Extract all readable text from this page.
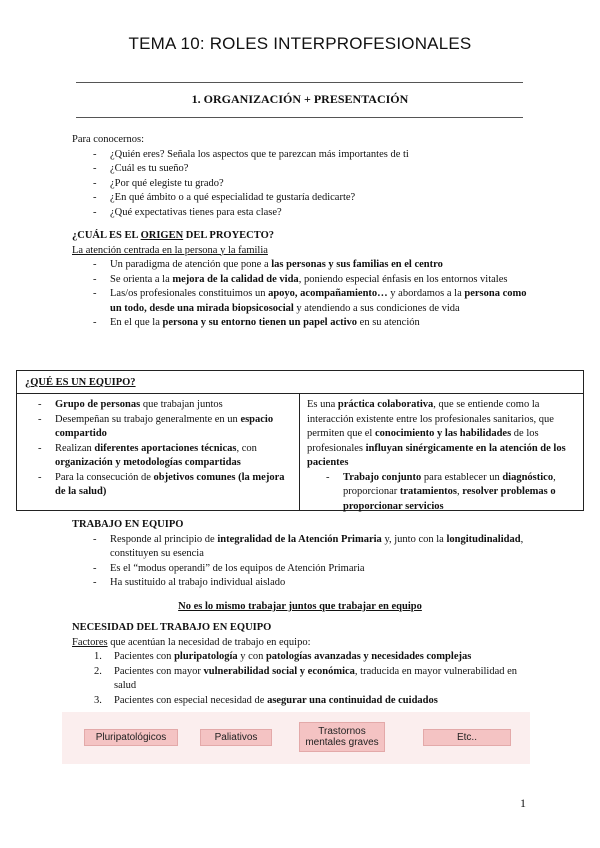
TEMA 10: ROLES INTERPROFESIONALES
1. ORGANIZACIÓN + PRESENTACIÓN
Para conocernos:
- ¿Quién eres? Señala los aspectos que te parezcan más importantes de ti
- ¿Cuál es tu sueño?
- ¿Por qué elegiste tu grado?
- ¿En qué ámbito o a qué especialidad te gustaría dedicarte?
- ¿Qué expectativas tienes para esta clase?
¿CUÁL ES EL ORIGEN DEL PROYECTO?
La atención centrada en la persona y la familia
- Un paradigma de atención que pone a las personas y sus familias en el centro
- Se orienta a la mejora de la calidad de vida, poniendo especial énfasis en los entornos vitales
- Las/os profesionales constituimos un apoyo, acompañamiento… y abordamos a la persona como un todo, desde una mirada biopsicosocial y atendiendo a sus condiciones de vida
- En el que la persona y su entorno tienen un papel activo en su atención
¿QUÉ ES UN EQUIPO?
- Grupo de personas que trabajan juntos
- Desempeñan su trabajo generalmente en un espacio compartido
- Realizan diferentes aportaciones técnicas, con organización y metodologías compartidas
- Para la consecución de objetivos comunes (la mejora de la salud)
Es una práctica colaborativa, que se entiende como la interacción existente entre los profesionales sanitarios, que permiten que el conocimiento y las habilidades de los profesionales influyan sinérgicamente en la atención de los pacientes
- Trabajo conjunto para establecer un diagnóstico, proporcionar tratamientos, resolver problemas o proporcionar servicios
TRABAJO EN EQUIPO
- Responde al principio de integralidad de la Atención Primaria y, junto con la longitudinalidad, constituyen su esencia
- Es el “modus operandi” de los equipos de Atención Primaria
- Ha sustituido al trabajo individual aislado
No es lo mismo trabajar juntos que trabajar en equipo
NECESIDAD DEL TRABAJO EN EQUIPO
Factores que acentúan la necesidad de trabajo en equipo:
1. Pacientes con pluripatología y con patologías avanzadas y necesidades complejas
2. Pacientes con mayor vulnerabilidad social y económica, traducida en mayor vulnerabilidad en salud
3. Pacientes con especial necesidad de asegurar una continuidad de cuidados
Pluripatológicos	Paliativos
Trastornos mentales graves	Etc..
1
